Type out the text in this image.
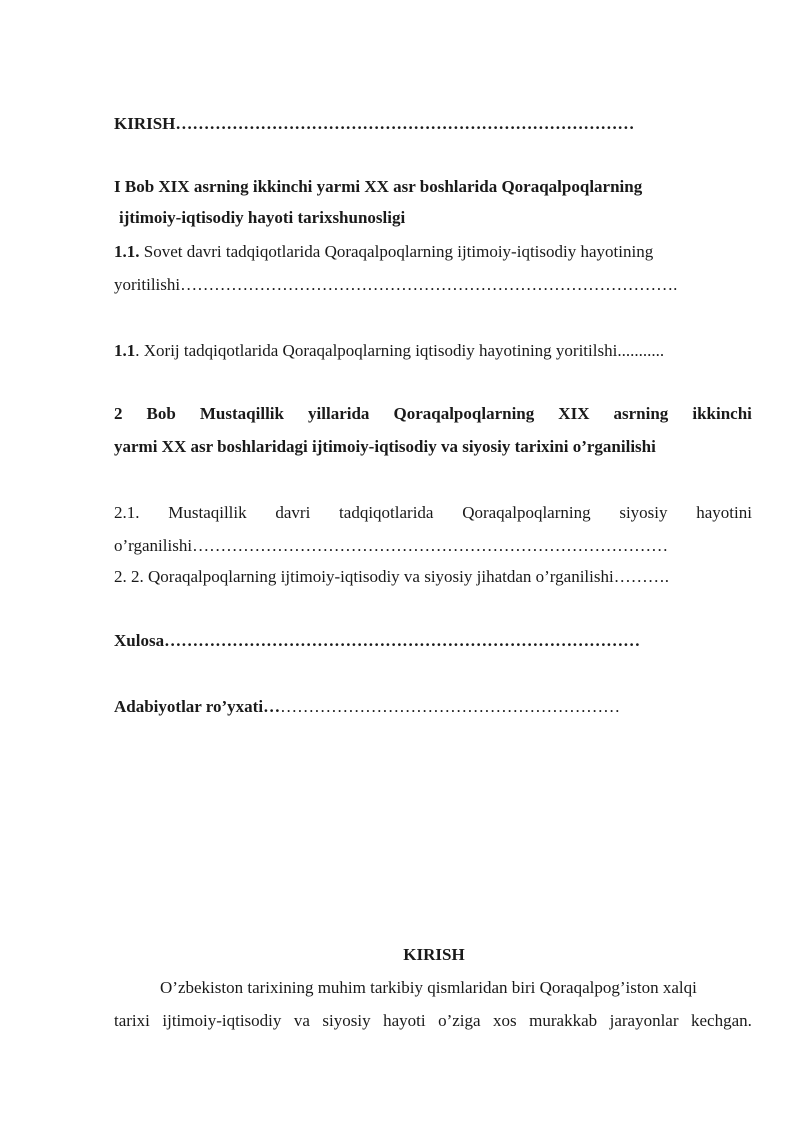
KIRISH………………………………………………………………………
I Bob XIX asrning ikkinchi yarmi XX asr boshlarida Qoraqalpoqlarning
ijtimoiy-iqtisodiy hayoti tarixshunosligi
1.1. Sovet davri tadqiqotlarida Qoraqalpoqlarning ijtimoiy-iqtisodiy hayotining
yoritilishi…………………………………………………………………………….
1.1. Xorij tadqiqotlarida Qoraqalpoqlarning iqtisodiy hayotining yoritilshi...........
2 Bob Mustaqillik yillarida Qoraqalpoqlarning XIX asrning ikkinchi
yarmi XX asr boshlaridagi ijtimoiy-iqtisodiy va siyosiy tarixini o’rganilishi
2.1. Mustaqillik davri tadqiqotlarida Qoraqalpoqlarning siyosiy hayotini
o’rganilishi…………………………………………………………………………
2. 2. Qoraqalpoqlarning ijtimoiy-iqtisodiy va siyosiy jihatdan o’rganilishi……….
Xulosa…………………………………………………………………………
Adabiyotlar ro’yxati………………………………………………………
KIRISH
O’zbekiston tarixining muhim tarkibiy qismlaridan biri Qoraqalpog’iston xalqi
tarixi ijtimoiy-iqtisodiy va siyosiy hayoti o’ziga xos murakkab jarayonlar kechgan.
